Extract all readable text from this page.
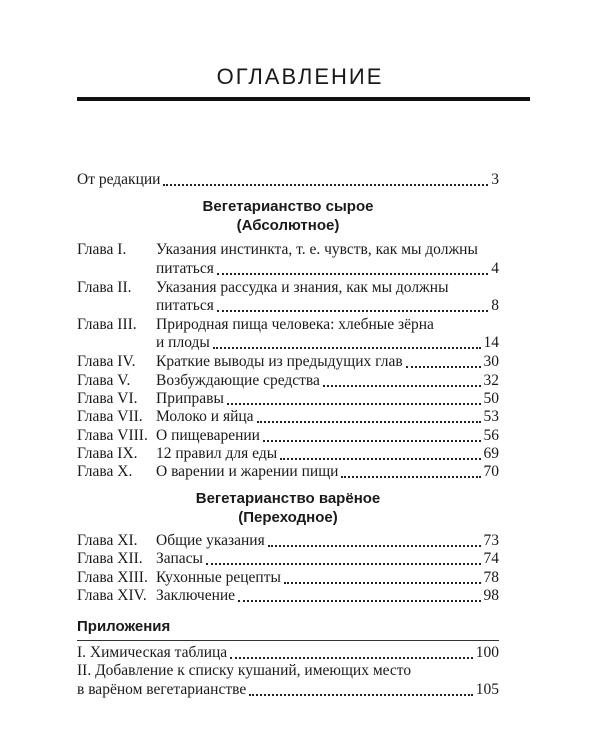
ОГЛАВЛЕНИЕ
От редакции	3
Вегетарианство сырое
(Абсолютное)
Глава I.	Указания инстинкта, т. е. чувств, как мы должны
питаться	4
Глава II.	Указания рассудка и знания, как мы должны
питаться	8
Глава III.	Природная пища человека: хлебные зёрна
и плоды	14
Глава IV.	Краткие выводы из предыдущих глав	30
Глава V.	Возбуждающие средства	32
Глава VI.	Приправы	50
Глава VII. Молоко и яйца	53
Глава VIII. О пищеварении	56
Глава IX.	12 правил для еды	69
Глава X.	О варении и жарении пищи	70
Вегетарианство варёное
(Переходное)
Глава XI.	Общие указания	73
Глава XII. Запасы	74
Глава XIII. Кухонные рецепты	78
Глава XIV. Заключение	98
Приложения
I. Химическая таблица	100
II. Добавление к списку кушаний, имеющих место
в варёном вегетарианстве	105
